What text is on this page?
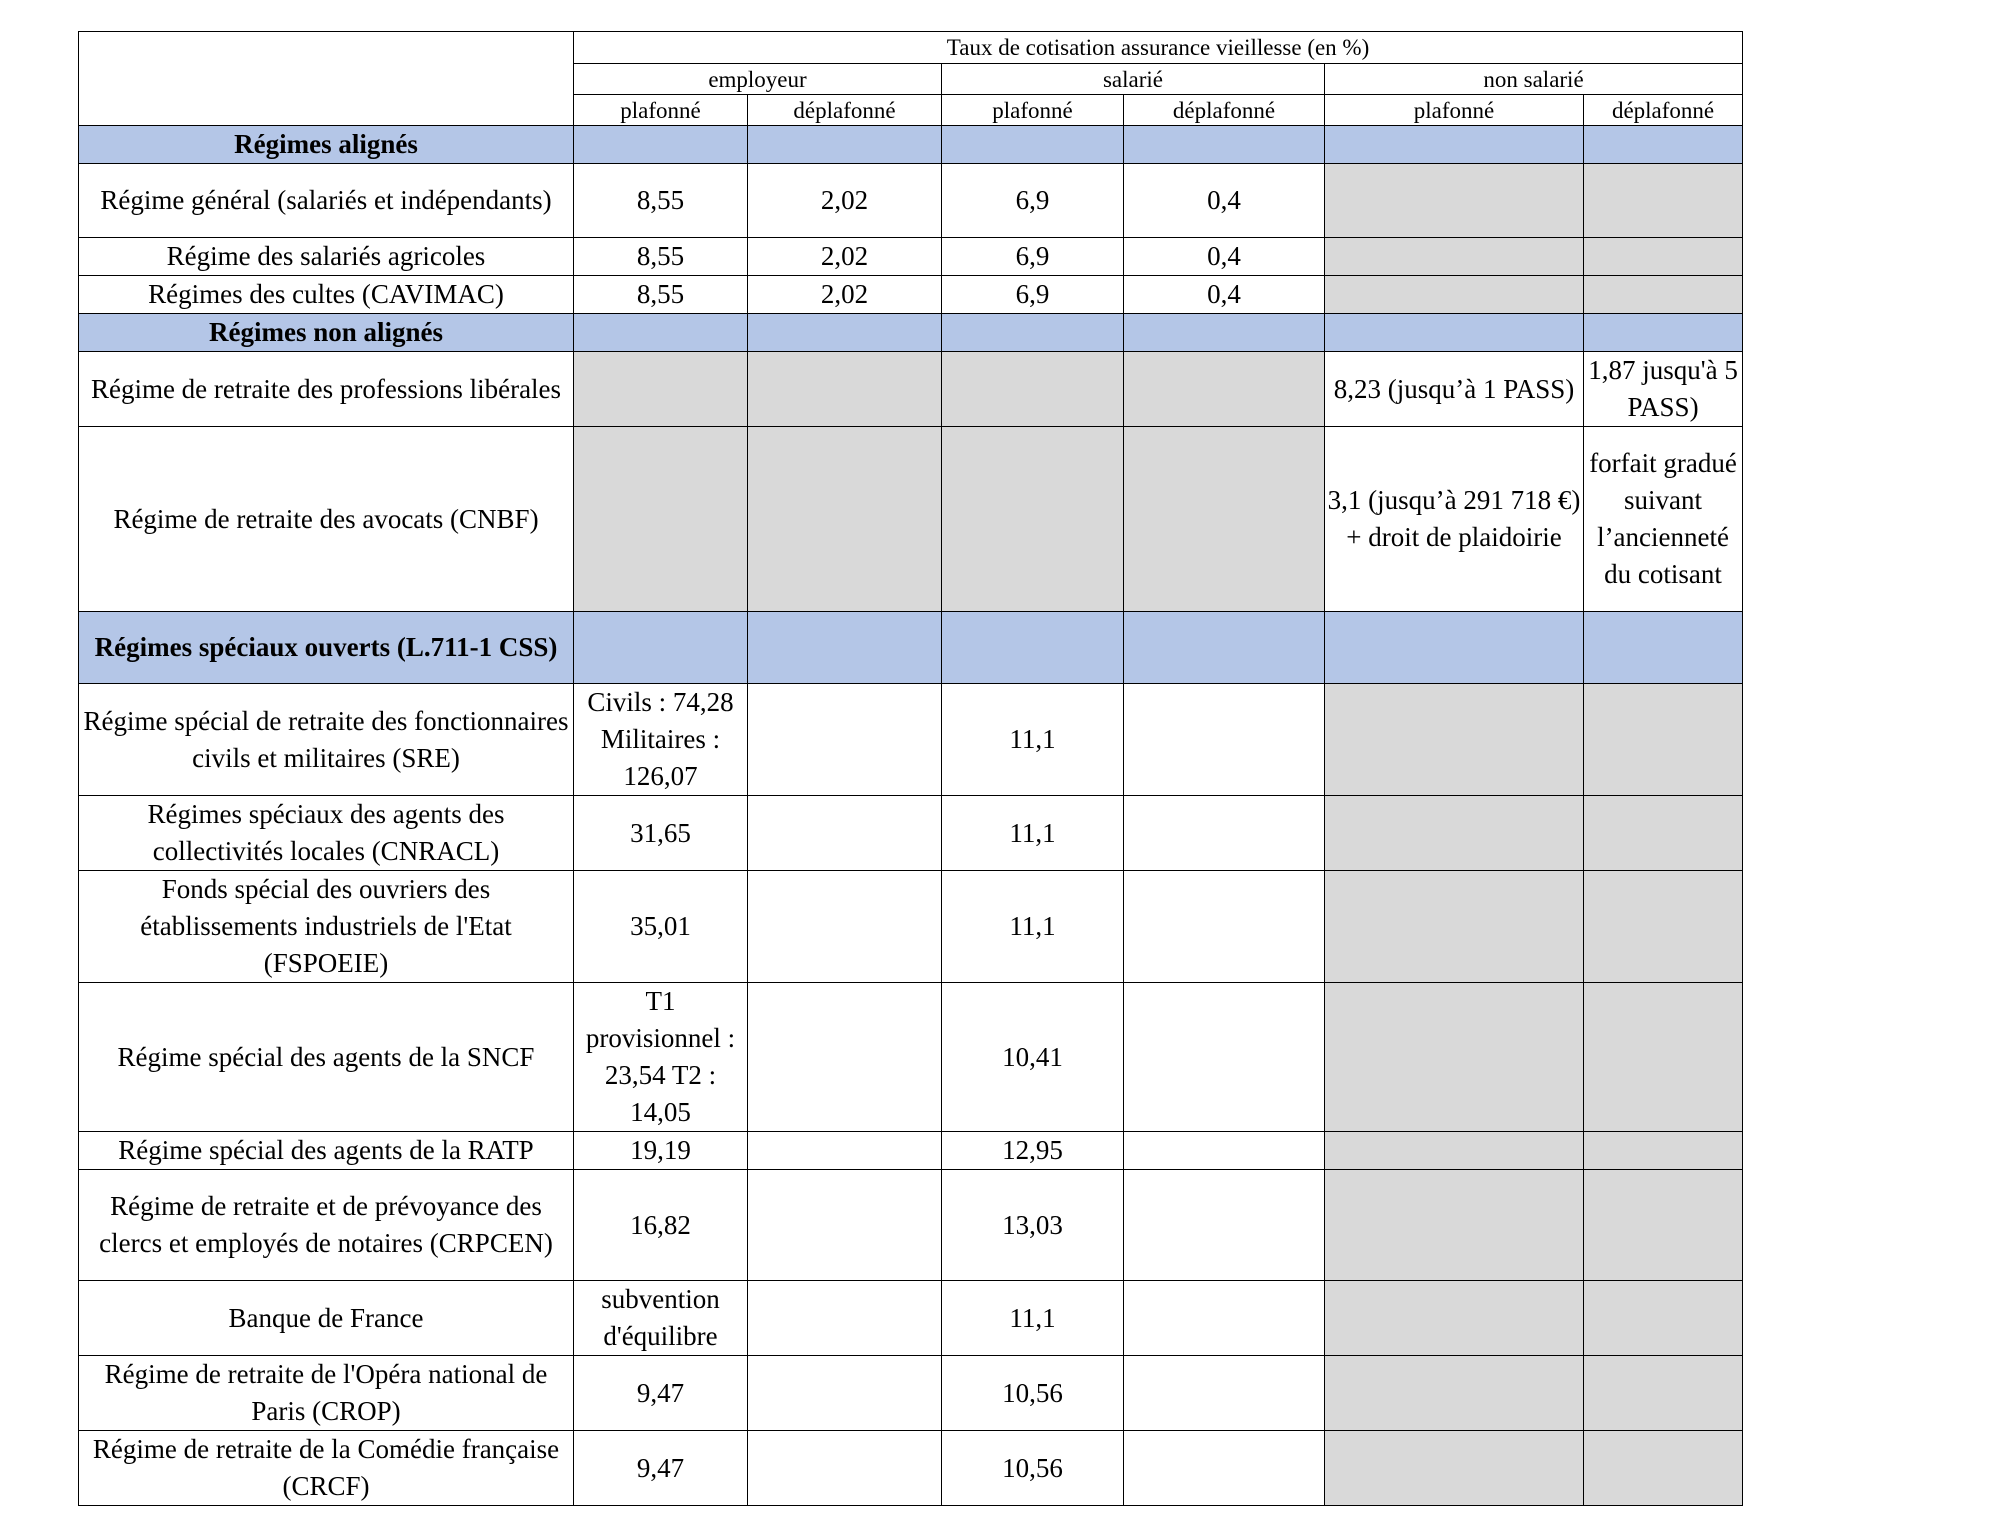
	Taux de cotisation assurance vieillesse (en %)					
	employeur		salarié		non salarié	
	plafonné	déplafonné	plafonné	déplafonné	plafonné	déplafonné
Régimes alignés						
Régime général (salariés et indépendants)	8,55	2,02	6,9	0,4		
Régime des salariés agricoles	8,55	2,02	6,9	0,4		
Régimes des cultes (CAVIMAC)	8,55	2,02	6,9	0,4		
Régimes non alignés						
Régime de retraite des professions libérales					8,23 (jusqu’à 1 PASS)	1,87 jusqu'à 5 PASS)
Régime de retraite des avocats (CNBF)					3,1 (jusqu’à 291 718 €) + droit de plaidoirie	forfait gradué suivant l’ancienneté du cotisant
Régimes spéciaux ouverts (L.711-1 CSS)						
Régime spécial de retraite des fonctionnaires civils et militaires (SRE)	Civils : 74,28 Militaires : 126,07		11,1			
Régimes spéciaux des agents des collectivités locales (CNRACL)	31,65		11,1			
Fonds spécial des ouvriers des établissements industriels de l'Etat (FSPOEIE)	35,01		11,1			
Régime spécial des agents de la SNCF	T1 provisionnel : 23,54 T2 : 14,05		10,41			
Régime spécial des agents de la RATP	19,19		12,95			
Régime de retraite et de prévoyance des clercs et employés de notaires (CRPCEN)	16,82		13,03			
Banque de France	subvention d'équilibre		11,1			
Régime de retraite de l'Opéra national de Paris (CROP)	9,47		10,56			
Régime de retraite de la Comédie française (CRCF)	9,47		10,56			
